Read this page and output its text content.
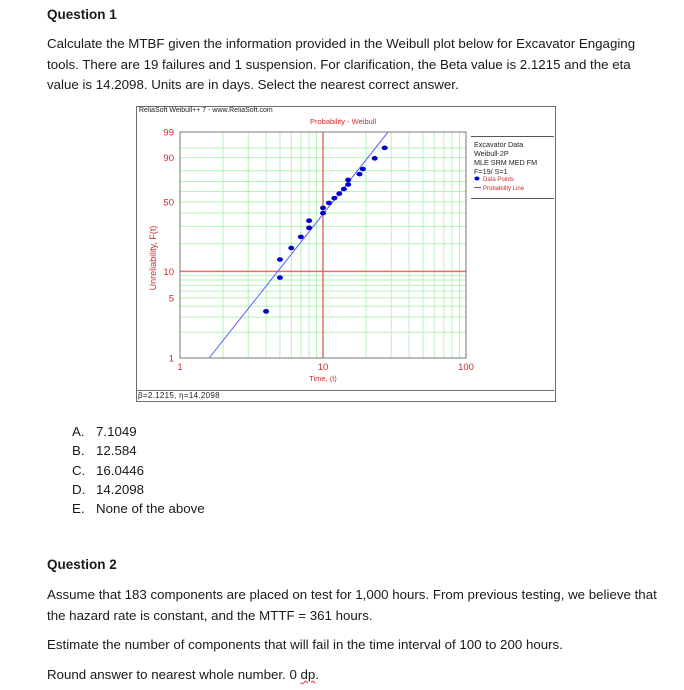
Question 1
Calculate the MTBF given the information provided in the Weibull plot below for Excavator Engaging tools. There are 19 failures and 1 suspension. For clarification, the Beta value is 2.1215 and the eta value is 14.2098. Units are in days. Select the nearest correct answer.
ReliaSoft Weibull++ 7 - www.ReliaSoft.com
Probability - Weibull
1
5
10
50
90
99
1	10	100
Time, (t)
Unreliability, F(t)
Excavator Data
Weibull-2P
MLE SRM MED FM
F=19/ S=1
Data Points
Probability Line
β=2.1215, η=14.2098
A. 7.1049
B. 12.584
C. 16.0446
D. 14.2098
E. None of the above
Question 2
Assume that 183 components are placed on test for 1,000 hours. From previous testing, we believe that the hazard rate is constant, and the MTTF = 361 hours.
Estimate the number of components that will fail in the time interval of 100 to 200 hours.
Round answer to nearest whole number. 0 dp.
